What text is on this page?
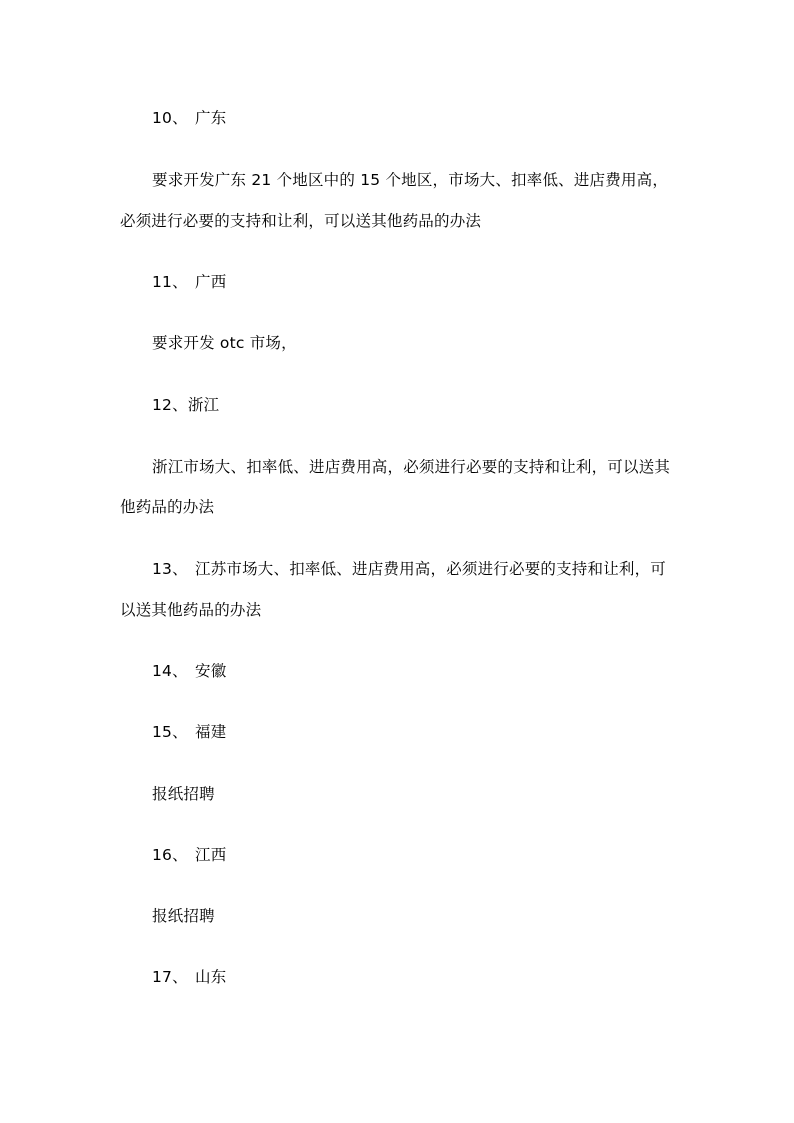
10、 广东
要求开发广东 21 个地区中的 15 个地区，市场大、扣率低、进店费用高，
必须进行必要的支持和让利，可以送其他药品的办法
11、 广西
要求开发 otc 市场，
12、浙江
浙江市场大、扣率低、进店费用高，必须进行必要的支持和让利，可以送其
他药品的办法
13、 江苏市场大、扣率低、进店费用高，必须进行必要的支持和让利，可
以送其他药品的办法
14、 安徽
15、 福建
报纸招聘
16、 江西
报纸招聘
17、 山东
